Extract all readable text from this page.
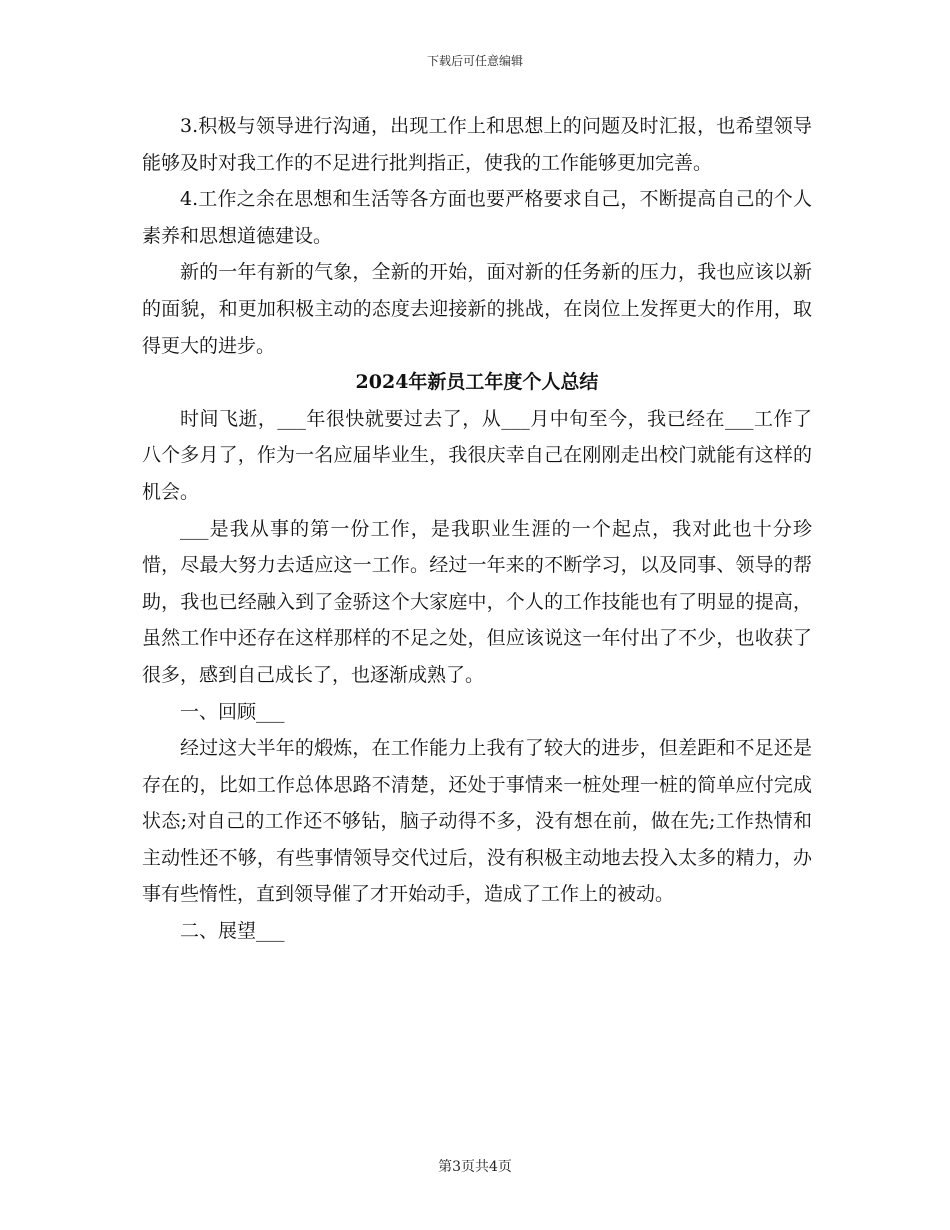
下载后可任意编辑

3.积极与领导进行沟通，出现工作上和思想上的问题及时汇报，也希望领导能够及时对我工作的不足进行批判指正，使我的工作能够更加完善。

4.工作之余在思想和生活等各方面也要严格要求自己，不断提高自己的个人素养和思想道德建设。

新的一年有新的气象，全新的开始，面对新的任务新的压力，我也应该以新的面貌，和更加积极主动的态度去迎接新的挑战，在岗位上发挥更大的作用，取得更大的进步。

2024年新员工年度个人总结

时间飞逝，___年很快就要过去了，从___月中旬至今，我已经在___工作了八个多月了，作为一名应届毕业生，我很庆幸自己在刚刚走出校门就能有这样的机会。

___是我从事的第一份工作，是我职业生涯的一个起点，我对此也十分珍惜，尽最大努力去适应这一工作。经过一年来的不断学习，以及同事、领导的帮助，我也已经融入到了金骄这个大家庭中，个人的工作技能也有了明显的提高，虽然工作中还存在这样那样的不足之处，但应该说这一年付出了不少，也收获了很多，感到自己成长了，也逐渐成熟了。

一、回顾___

经过这大半年的煅炼，在工作能力上我有了较大的进步，但差距和不足还是存在的，比如工作总体思路不清楚，还处于事情来一桩处理一桩的简单应付完成状态;对自己的工作还不够钻，脑子动得不多，没有想在前，做在先;工作热情和主动性还不够，有些事情领导交代过后，没有积极主动地去投入太多的精力，办事有些惰性，直到领导催了才开始动手，造成了工作上的被动。

二、展望___

第3页共4页
